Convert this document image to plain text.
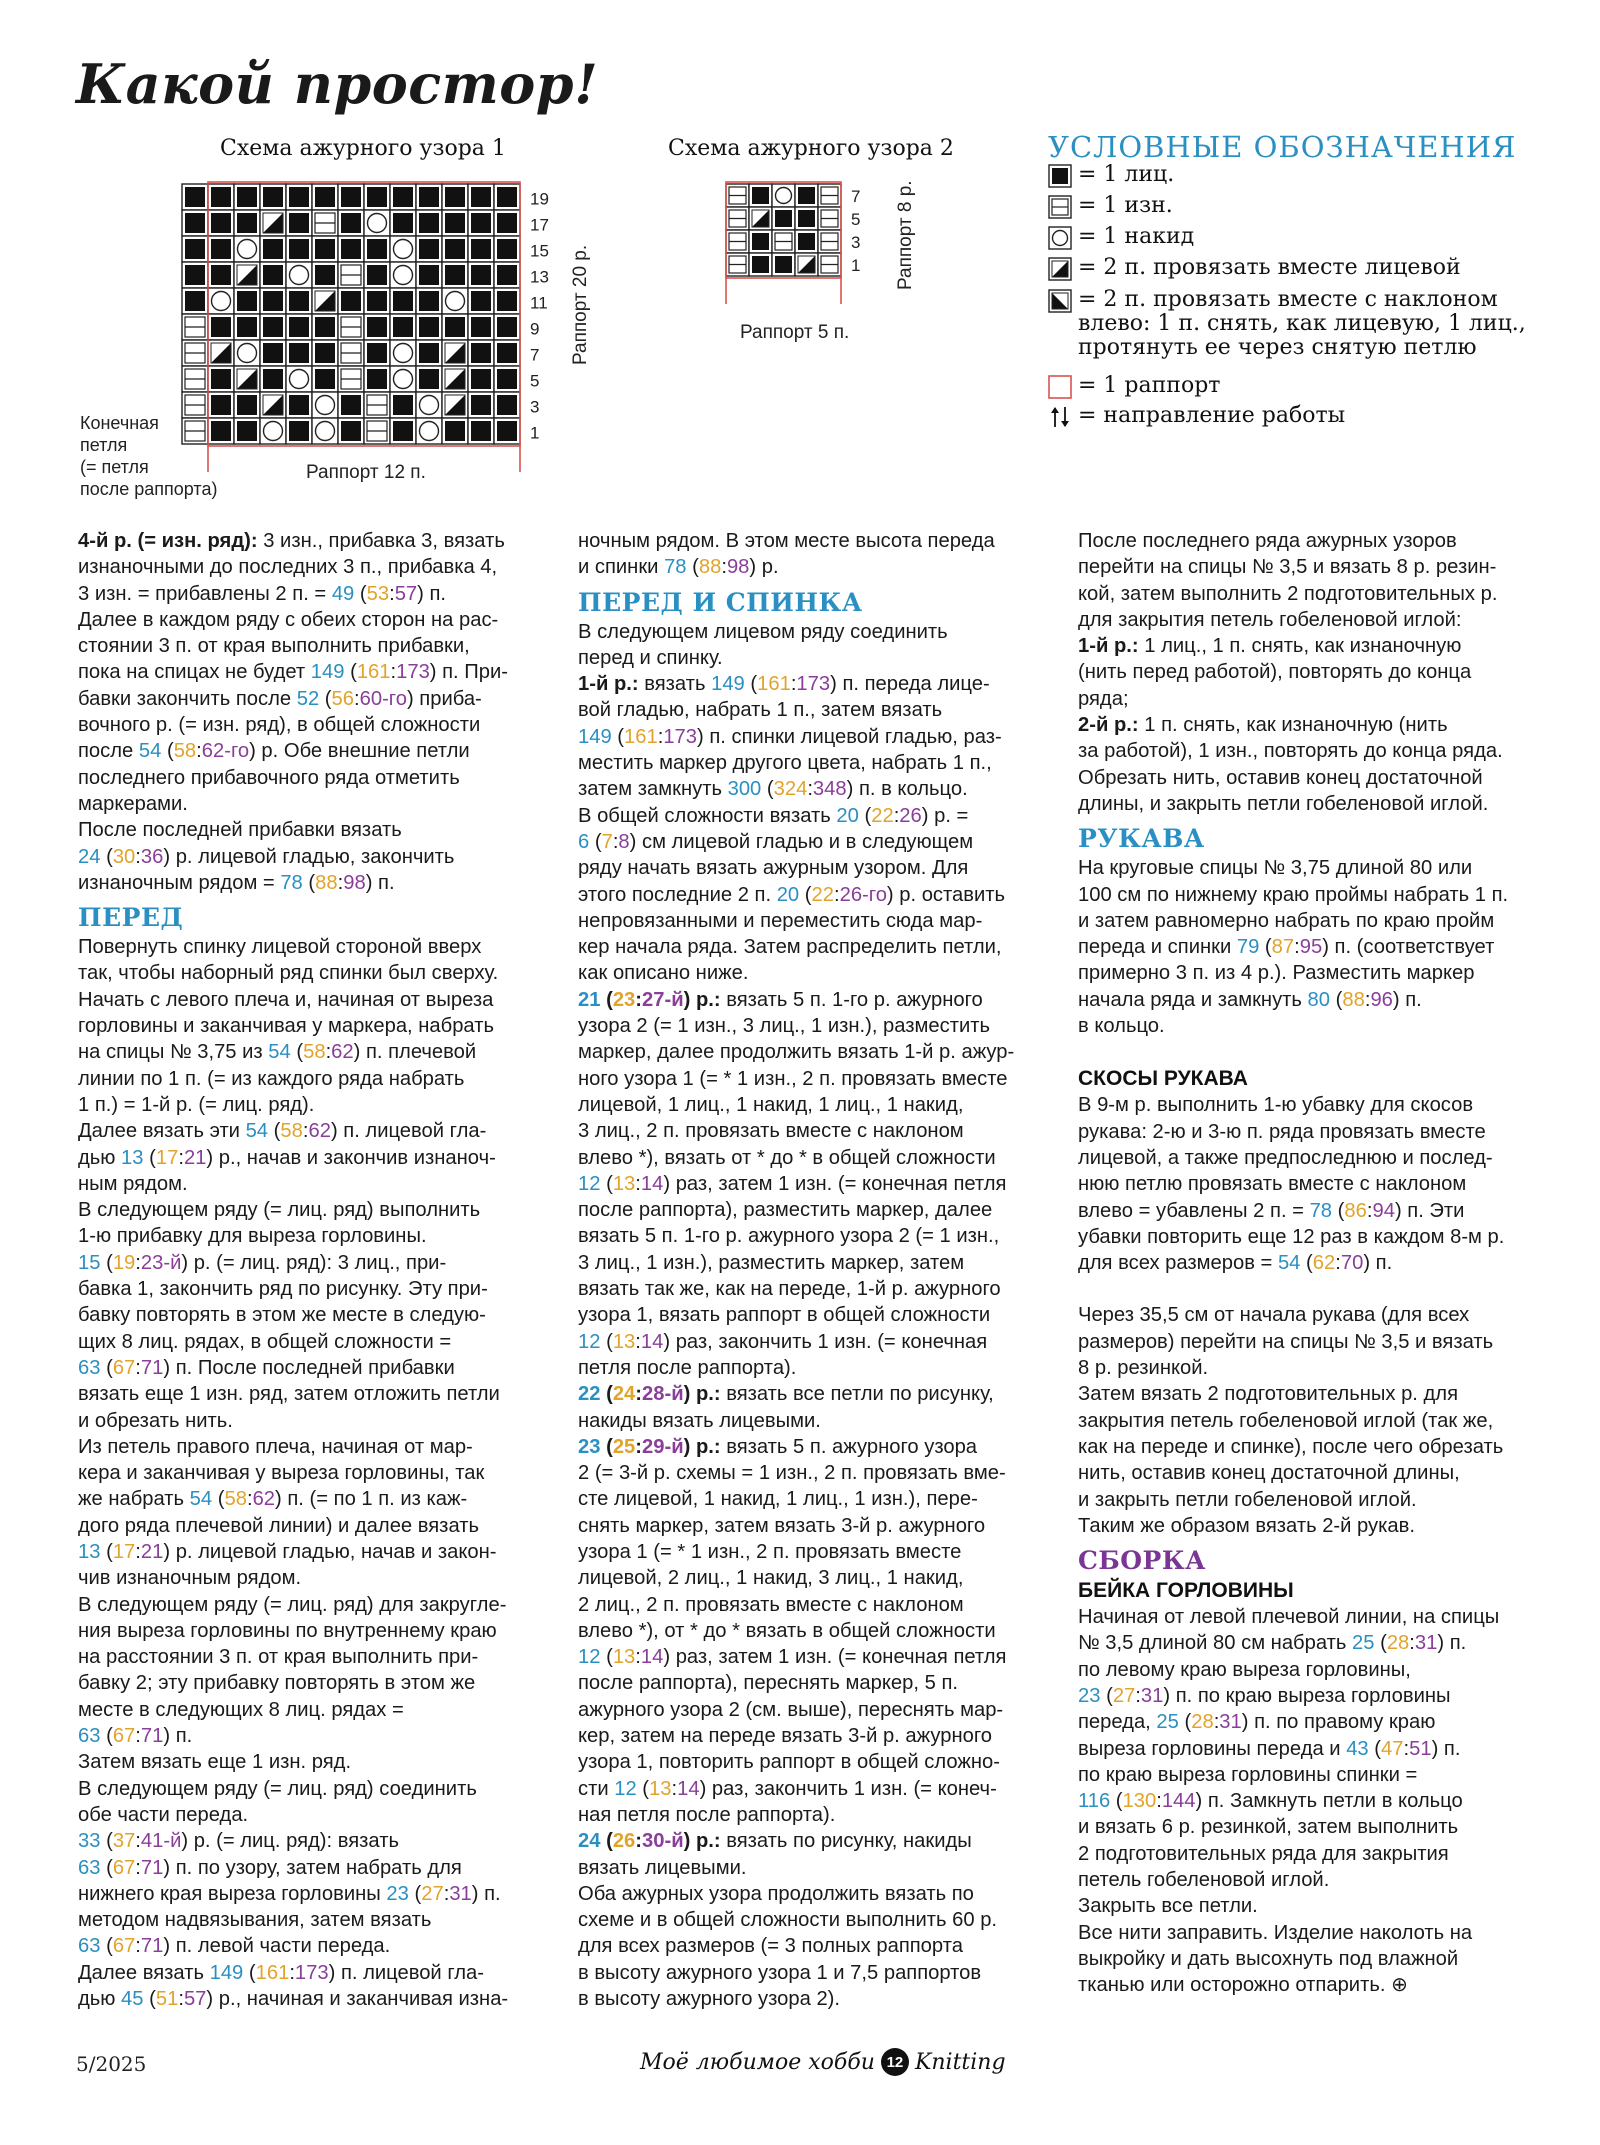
Какой простор!
Схема ажурного узора 1
19
17
15
13
11
9
7
5
3
1
Конечная
петля
(= петля
после раппорта)
Раппорт 12 п.
Раппорт 20 р.
Схема ажурного узора 2
7
5
3
1
Раппорт 5 п.
Раппорт 8 р.
УСЛОВНЫЕ ОБОЗНАЧЕНИЯ
= 1 лиц.
= 1 изн.
= 1 накид
= 2 п. провязать вместе лицевой
= 2 п. провязать вместе с наклоном
влево: 1 п. снять, как лицевую, 1 лиц.,
протянуть ее через снятую петлю
= 1 раппорт
= направление работы

4-й р. (= изн. ряд): 3 изн., прибавка 3, вязать
изнаночными до последних 3 п., прибавка 4,
3 изн. = прибавлены 2 п. = 49 (53:57) п.
Далее в каждом ряду с обеих сторон на рас-
стоянии 3 п. от края выполнить прибавки,
пока на спицах не будет 149 (161:173) п. При-
бавки закончить после 52 (56:60-го) приба-
вочного р. (= изн. ряд), в общей сложности
после 54 (58:62-го) р. Обе внешние петли
последнего прибавочного ряда отметить
маркерами.
После последней прибавки вязать
24 (30:36) р. лицевой гладью, закончить
изнаночным рядом = 78 (88:98) п.

ПЕРЕД

Повернуть спинку лицевой стороной вверх
так, чтобы наборный ряд спинки был сверху.
Начать с левого плеча и, начиная от выреза
горловины и заканчивая у маркера, набрать
на спицы № 3,75 из 54 (58:62) п. плечевой
линии по 1 п. (= из каждого ряда набрать
1 п.) = 1-й р. (= лиц. ряд).
Далее вязать эти 54 (58:62) п. лицевой гла-
дью 13 (17:21) р., начав и закончив изнаноч-
ным рядом.
В следующем ряду (= лиц. ряд) выполнить
1-ю прибавку для выреза горловины.
15 (19:23-й) р. (= лиц. ряд): 3 лиц., при-
бавка 1, закончить ряд по рисунку. Эту при-
бавку повторять в этом же месте в следую-
щих 8 лиц. рядах, в общей сложности =
63 (67:71) п. После последней прибавки
вязать еще 1 изн. ряд, затем отложить петли
и обрезать нить.
Из петель правого плеча, начиная от мар-
кера и заканчивая у выреза горловины, так
же набрать 54 (58:62) п. (= по 1 п. из каж-
дого ряда плечевой линии) и далее вязать
13 (17:21) р. лицевой гладью, начав и закон-
чив изнаночным рядом.
В следующем ряду (= лиц. ряд) для закругле-
ния выреза горловины по внутреннему краю
на расстоянии 3 п. от края выполнить при-
бавку 2; эту прибавку повторять в этом же
месте в следующих 8 лиц. рядах =
63 (67:71) п.
Затем вязать еще 1 изн. ряд.
В следующем ряду (= лиц. ряд) соединить
обе части переда.
33 (37:41-й) р. (= лиц. ряд): вязать
63 (67:71) п. по узору, затем набрать для
нижнего края выреза горловины 23 (27:31) п.
методом надвязывания, затем вязать
63 (67:71) п. левой части переда.
Далее вязать 149 (161:173) п. лицевой гла-
дью 45 (51:57) р., начиная и заканчивая изна-

ночным рядом. В этом месте высота переда
и спинки 78 (88:98) р.

ПЕРЕД И СПИНКА

В следующем лицевом ряду соединить
перед и спинку.
1-й р.: вязать 149 (161:173) п. переда лице-
вой гладью, набрать 1 п., затем вязать
149 (161:173) п. спинки лицевой гладью, раз-
местить маркер другого цвета, набрать 1 п.,
затем замкнуть 300 (324:348) п. в кольцо.
В общей сложности вязать 20 (22:26) р. =
6 (7:8) см лицевой гладью и в следующем
ряду начать вязать ажурным узором. Для
этого последние 2 п. 20 (22:26-го) р. оставить
непровязанными и переместить сюда мар-
кер начала ряда. Затем распределить петли,
как описано ниже.
21 (23:27-й) р.: вязать 5 п. 1-го р. ажурного
узора 2 (= 1 изн., 3 лиц., 1 изн.), разместить
маркер, далее продолжить вязать 1-й р. ажур-
ного узора 1 (= * 1 изн., 2 п. провязать вместе
лицевой, 1 лиц., 1 накид, 1 лиц., 1 накид,
3 лиц., 2 п. провязать вместе с наклоном
влево *), вязать от * до * в общей сложности
12 (13:14) раз, затем 1 изн. (= конечная петля
после раппорта), разместить маркер, далее
вязать 5 п. 1-го р. ажурного узора 2 (= 1 изн.,
3 лиц., 1 изн.), разместить маркер, затем
вязать так же, как на переде, 1-й р. ажурного
узора 1, вязать раппорт в общей сложности
12 (13:14) раз, закончить 1 изн. (= конечная
петля после раппорта).
22 (24:28-й) р.: вязать все петли по рисунку,
накиды вязать лицевыми.
23 (25:29-й) р.: вязать 5 п. ажурного узора
2 (= 3-й р. схемы = 1 изн., 2 п. провязать вме-
сте лицевой, 1 накид, 1 лиц., 1 изн.), пере-
снять маркер, затем вязать 3-й р. ажурного
узора 1 (= * 1 изн., 2 п. провязать вместе
лицевой, 2 лиц., 1 накид, 3 лиц., 1 накид,
2 лиц., 2 п. провязать вместе с наклоном
влево *), от * до * вязать в общей сложности
12 (13:14) раз, затем 1 изн. (= конечная петля
после раппорта), переснять маркер, 5 п.
ажурного узора 2 (см. выше), переснять мар-
кер, затем на переде вязать 3-й р. ажурного
узора 1, повторить раппорт в общей сложно-
сти 12 (13:14) раз, закончить 1 изн. (= конеч-
ная петля после раппорта).
24 (26:30-й) р.: вязать по рисунку, накиды
вязать лицевыми.
Оба ажурных узора продолжить вязать по
схеме и в общей сложности выполнить 60 р.
для всех размеров (= 3 полных раппорта
в высоту ажурного узора 1 и 7,5 раппортов
в высоту ажурного узора 2).

После последнего ряда ажурных узоров
перейти на спицы № 3,5 и вязать 8 р. резин-
кой, затем выполнить 2 подготовительных р.
для закрытия петель гобеленовой иглой:
1-й р.: 1 лиц., 1 п. снять, как изнаночную
(нить перед работой), повторять до конца
ряда;
2-й р.: 1 п. снять, как изнаночную (нить
за работой), 1 изн., повторять до конца ряда.
Обрезать нить, оставив конец достаточной
длины, и закрыть петли гобеленовой иглой.

РУКАВА

На круговые спицы № 3,75 длиной 80 или
100 см по нижнему краю проймы набрать 1 п.
и затем равномерно набрать по краю пройм
переда и спинки 79 (87:95) п. (соответствует
примерно 3 п. из 4 р.). Разместить маркер
начала ряда и замкнуть 80 (88:96) п.
в кольцо.

СКОСЫ РУКАВА

В 9-м р. выполнить 1-ю убавку для скосов
рукава: 2-ю и 3-ю п. ряда провязать вместе
лицевой, а также предпоследнюю и послед-
нюю петлю провязать вместе с наклоном
влево = убавлены 2 п. = 78 (86:94) п. Эти
убавки повторить еще 12 раз в каждом 8-м р.
для всех размеров = 54 (62:70) п.

Через 35,5 см от начала рукава (для всех
размеров) перейти на спицы № 3,5 и вязать
8 р. резинкой.
Затем вязать 2 подготовительных р. для
закрытия петель гобеленовой иглой (так же,
как на переде и спинке), после чего обрезать
нить, оставив конец достаточной длины,
и закрыть петли гобеленовой иглой.
Таким же образом вязать 2-й рукав.

СБОРКА
БЕЙКА ГОРЛОВИНЫ

Начиная от левой плечевой линии, на спицы
№ 3,5 длиной 80 см набрать 25 (28:31) п.
по левому краю выреза горловины,
23 (27:31) п. по краю выреза горловины
переда, 25 (28:31) п. по правому краю
выреза горловины переда и 43 (47:51) п.
по краю выреза горловины спинки =
116 (130:144) п. Замкнуть петли в кольцо
и вязать 6 р. резинкой, затем выполнить
2 подготовительных ряда для закрытия
петель гобеленовой иглой.
Закрыть все петли.
Все нити заправить. Изделие наколоть на
выкройку и дать высохнуть под влажной
тканью или осторожно отпарить. ⊕

5/2025	Моё любимое хобби 12 Knitting
